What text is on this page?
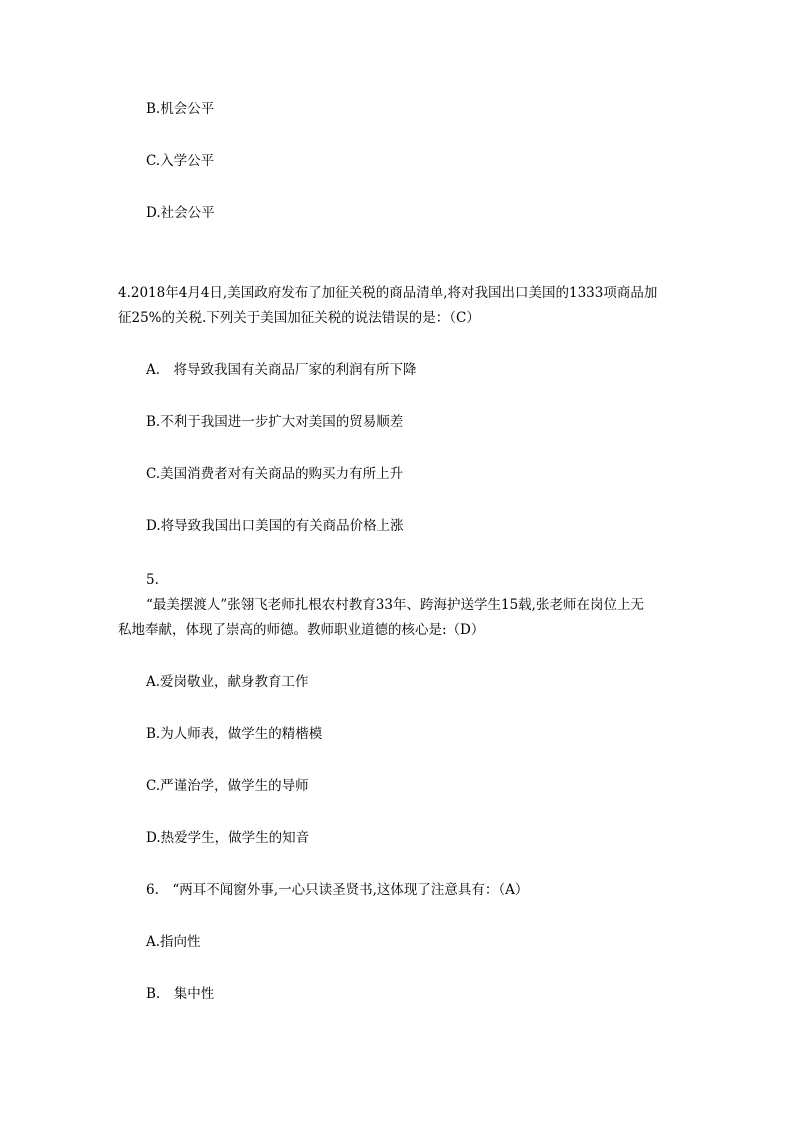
B.机会公平
C.入学公平
D.社会公平
4.2018年4月4日,美国政府发布了加征关税的商品清单,将对我国出口美国的1333项商品加
征25%的关税.下列关于美国加征关税的说法错误的是：（C）
A.　将导致我国有关商品厂家的利润有所下降
B.不利于我国进一步扩大对美国的贸易顺差
C.美国消费者对有关商品的购买力有所上升
D.将导致我国出口美国的有关商品价格上涨
5.
“最美摆渡人”张翎飞老师扎根农村教育33年、跨海护送学生15载,张老师在岗位上无
私地奉献，体现了崇高的师德。教师职业道德的核心是:（D）
A.爱岗敬业，献身教育工作
B.为人师表，做学生的精楷模
C.严谨治学，做学生的导师
D.热爱学生，做学生的知音
6.　“两耳不闻窗外事,一心只读圣贤书,这体现了注意具有：（A）
A.指向性
B.　集中性
